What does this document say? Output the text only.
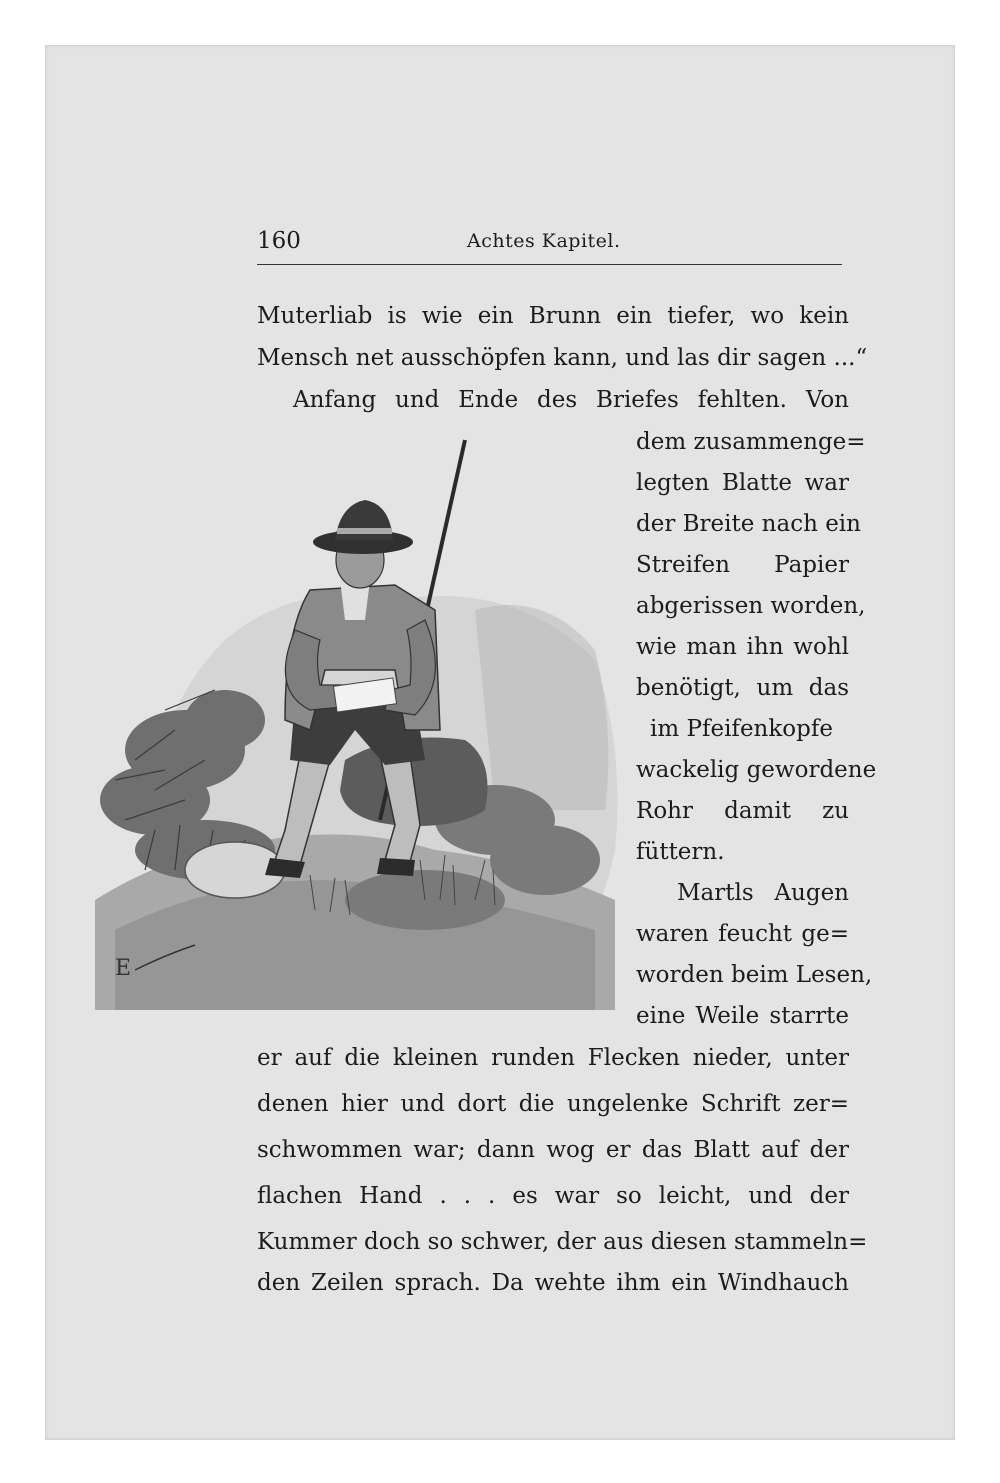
160	Achtes Kapitel.
E
Muterliab is wie ein Brunn ein tiefer, wo kein
Mensch net ausschöpfen kann, und las dir sagen ...“
Anfang und Ende des Briefes fehlten. Von
dem zusammenge=
legten Blatte war
der Breite nach ein
Streifen Papier
abgerissen worden,
wie man ihn wohl
benötigt, um das
im Pfeifenkopfe
wackelig gewordene
Rohr damit zu
füttern.
Martls Augen
waren feucht ge=
worden beim Lesen,
eine Weile starrte
er auf die kleinen runden Flecken nieder, unter
denen hier und dort die ungelenke Schrift zer=
schwommen war; dann wog er das Blatt auf der
flachen Hand . . . es war so leicht, und der
Kummer doch so schwer, der aus diesen stammeln=
den Zeilen sprach. Da wehte ihm ein Windhauch
